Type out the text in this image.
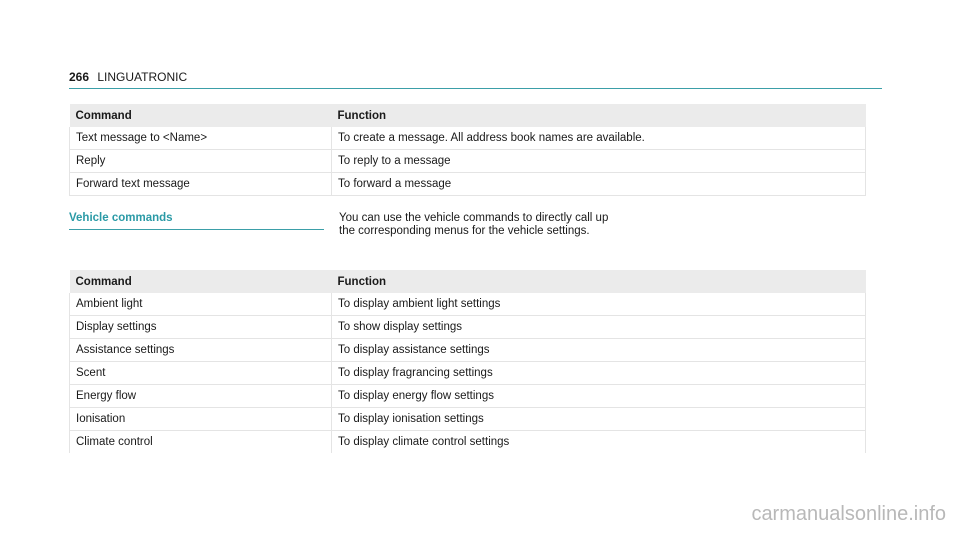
266 LINGUATRONIC
Command	Function
Text message to <Name>	To create a message. All address book names are available.
Reply	To reply to a message
Forward text message	To forward a message
Vehicle commands	You can use the vehicle commands to directly call up the corresponding menus for the vehicle settings.
Command	Function
Ambient light	To display ambient light settings
Display settings	To show display settings
Assistance settings	To display assistance settings
Scent	To display fragrancing settings
Energy flow	To display energy flow settings
Ionisation	To display ionisation settings
Climate control	To display climate control settings
carmanualsonline.info
